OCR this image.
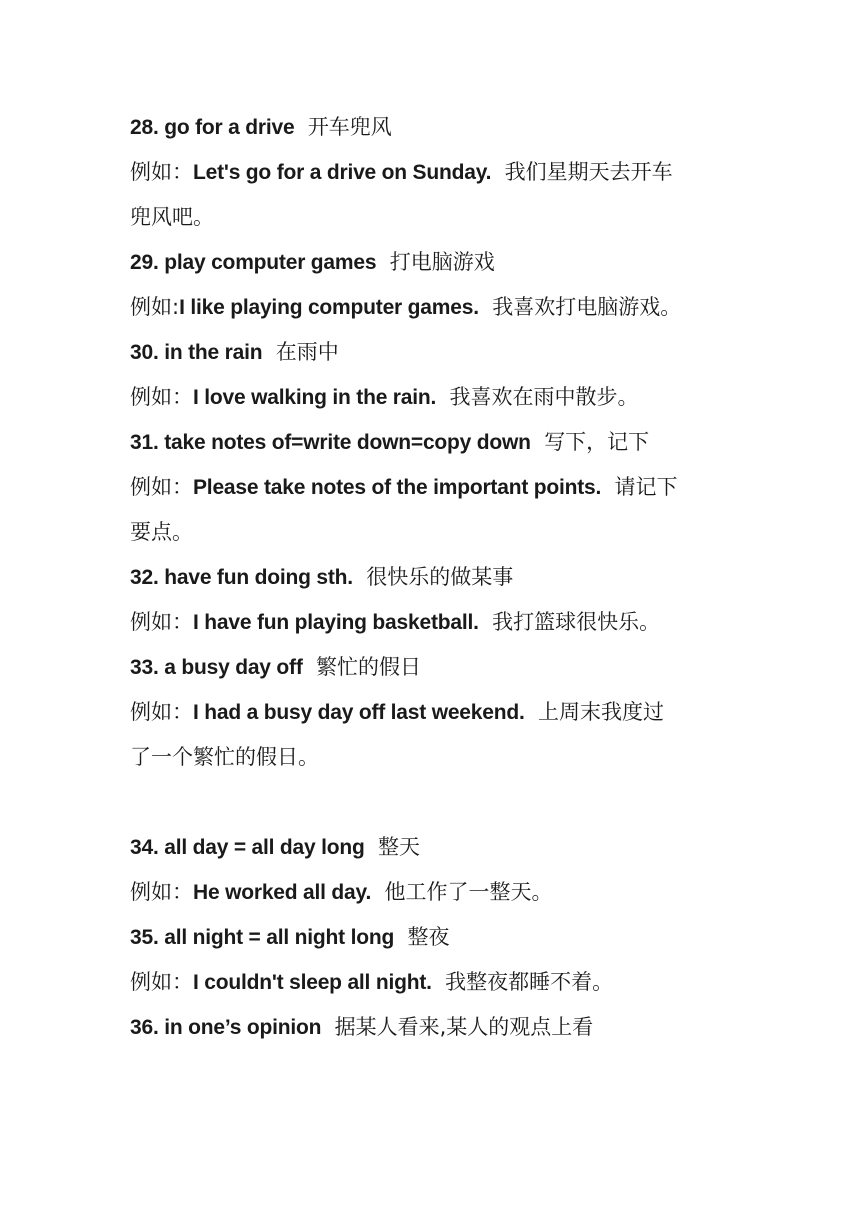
28. go for a drive 开车兜风
例如：Let's go for a drive on Sunday. 我们星期天去开车
兜风吧。
29. play computer games 打电脑游戏
例如:I like playing computer games. 我喜欢打电脑游戏。
30. in the rain 在雨中
例如：I love walking in the rain. 我喜欢在雨中散步。
31. take notes of=write down=copy down 写下，记下
例如：Please take notes of the important points. 请记下
要点。
32. have fun doing sth. 很快乐的做某事
例如：I have fun playing basketball. 我打篮球很快乐。
33. a busy day off 繁忙的假日
例如：I had a busy day off last weekend. 上周末我度过
了一个繁忙的假日。
34. all day = all day long 整天
例如：He worked all day. 他工作了一整天。
35. all night = all night long 整夜
例如：I couldn't sleep all night. 我整夜都睡不着。
36. in one’s opinion 据某人看来,某人的观点上看
